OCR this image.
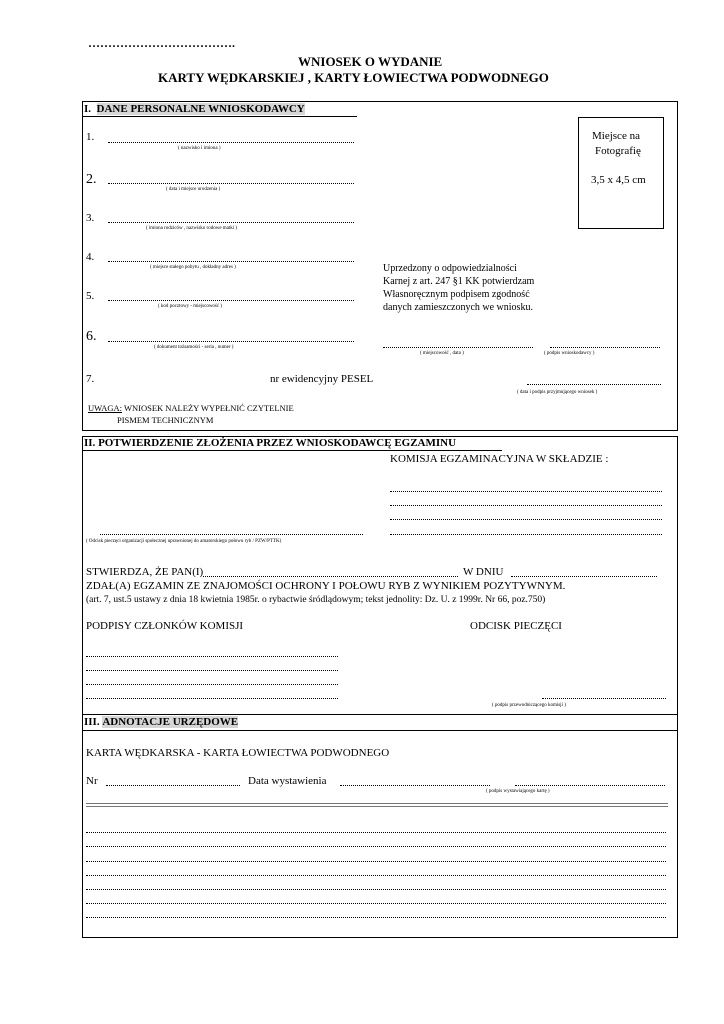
……………………………….
WNIOSEK O WYDANIE
KARTY WĘDKARSKIEJ , KARTY ŁOWIECTWA PODWODNEGO
I. DANE PERSONALNE WNIOSKODAWCY
1.
( nazwisko i imiona )
2.
( data i miejsce urodzenia )
3.
( imiona rodziców , nazwisko rodowe matki )
4.
( miejsce stałego pobytu , dokładny adres )
5.
( kod pocztowy - miejscowość )
6.
( dokument tożsamości - seria , numer )
7.	nr ewidencyjny PESEL
Miejsce na
Fotografię
3,5 x 4,5 cm
Uprzedzony o odpowiedzialności
Karnej z art. 247 §1 KK potwierdzam
Własnoręcznym podpisem zgodność
danych zamieszczonych we wniosku.
( miejscowość , data )	( podpis wnioskodawcy )
( data i podpis przyjmującego wniosek )
UWAGA: WNIOSEK NALEŻY WYPEŁNIĆ CZYTELNIE
PISMEM TECHNICZNYM
II. POTWIERDZENIE ZŁOŻENIA PRZEZ WNIOSKODAWCĘ EGZAMINU
KOMISJA EGZAMINACYJNA W SKŁADZIE :
( Odcisk pieczęci organizacji społecznej uprawnionej do amatorskiego połowu ryb / PZW/PTTK)
STWIERDZA, ŻE PAN(I)	W DNIU
ZDAŁ(A) EGZAMIN ZE ZNAJOMOŚCI OCHRONY I POŁOWU RYB Z WYNIKIEM POZYTYWNYM.
(art. 7, ust.5 ustawy z dnia 18 kwietnia 1985r. o rybactwie śródlądowym; tekst jednolity: Dz. U. z 1999r. Nr 66, poz.750)
PODPISY CZŁONKÓW KOMISJI	ODCISK PIECZĘCI
( podpis przewodniczącego komisji )
III. ADNOTACJE URZĘDOWE
KARTA WĘDKARSKA - KARTA ŁOWIECTWA PODWODNEGO
Nr	Data wystawienia
( podpis wystawiającego kartę )
